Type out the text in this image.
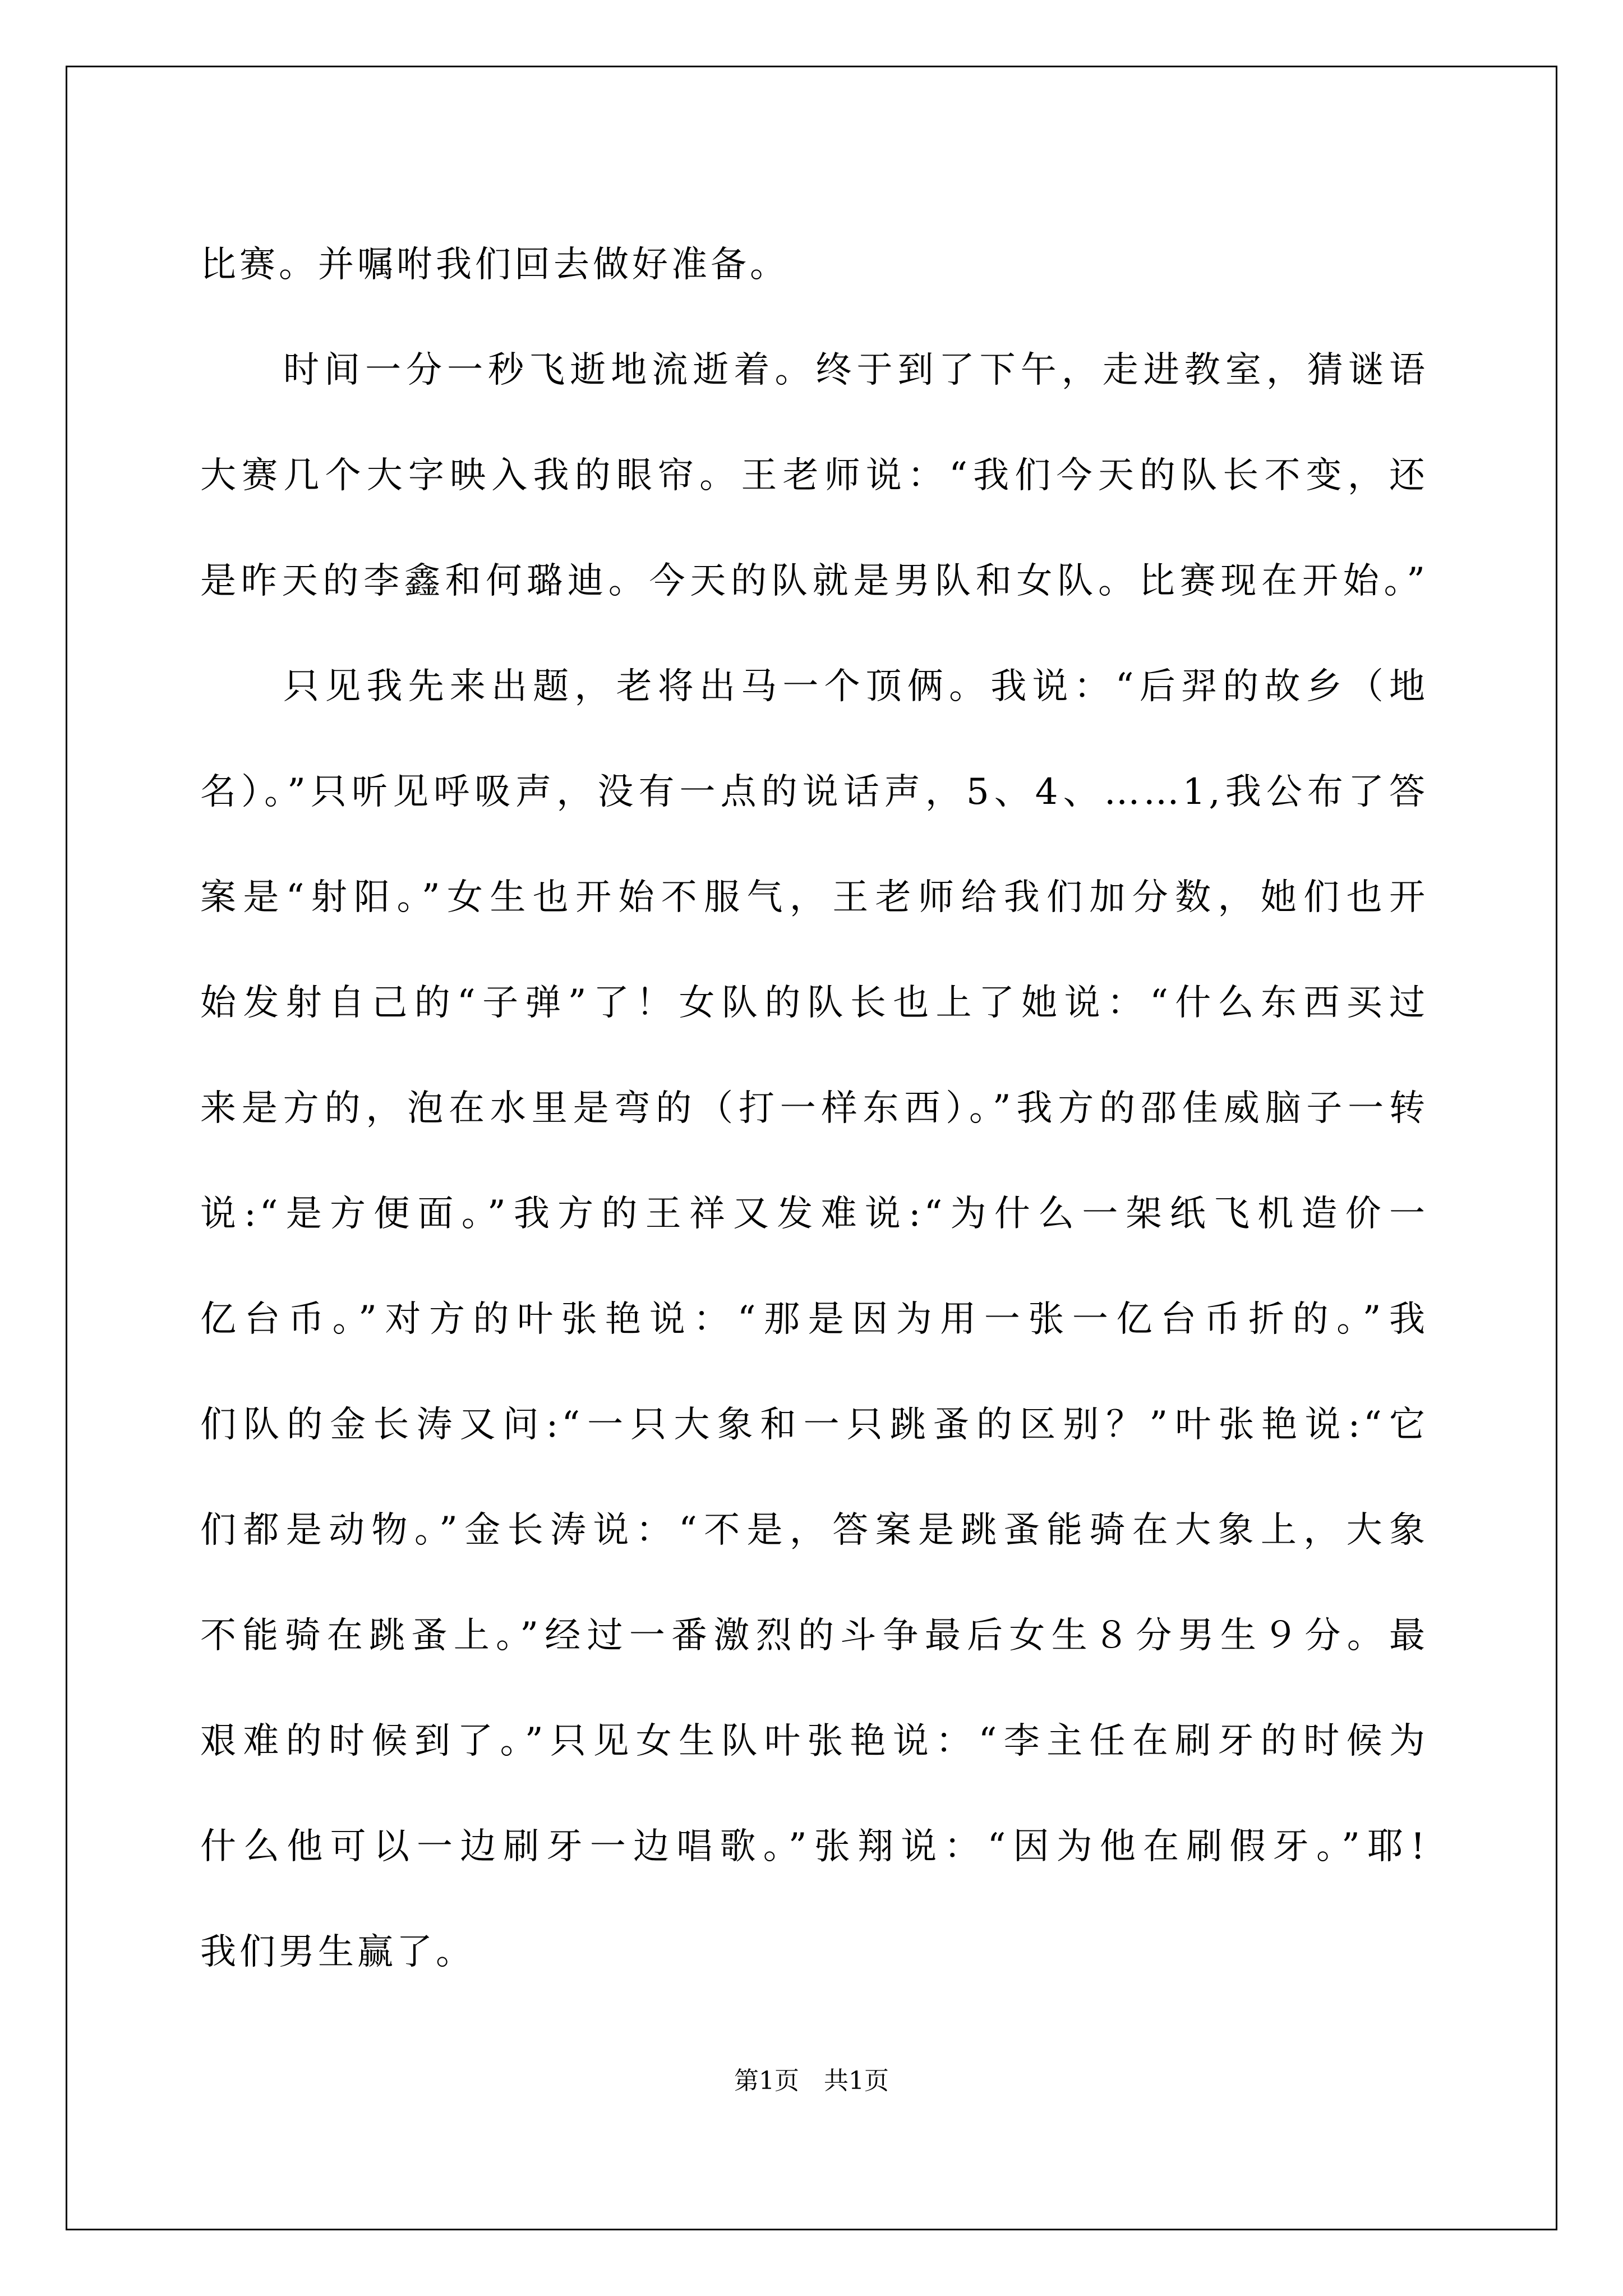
比赛。并嘱咐我们回去做好准备。
时间一分一秒飞逝地流逝着。终于到了下午，走进教室，猜谜语
大赛几个大字映入我的眼帘。王老师说：“我们今天的队长不变，还
是昨天的李鑫和何璐迪。今天的队就是男队和女队。比赛现在开始。”
只见我先来出题，老将出马一个顶俩。我说：“后羿的故乡（地
名）。”只听见呼吸声，没有一点的说话声，5、4、……1,我公布了答
案是“射阳。”女生也开始不服气，王老师给我们加分数，她们也开
始发射自己的“子弹”了！女队的队长也上了她说：“什么东西买过
来是方的，泡在水里是弯的（打一样东西）。”我方的邵佳威脑子一转
说:“是方便面。”我方的王祥又发难说:“为什么一架纸飞机造价一
亿台币。”对方的叶张艳说：“那是因为用一张一亿台币折的。”我
们队的金长涛又问:“一只大象和一只跳蚤的区别？”叶张艳说:“它
们都是动物。”金长涛说：“不是，答案是跳蚤能骑在大象上，大象
不能骑在跳蚤上。”经过一番激烈的斗争最后女生８分男生９分。最
艰难的时候到了。”只见女生队叶张艳说：“李主任在刷牙的时候为
什么他可以一边刷牙一边唱歌。”张翔说：“因为他在刷假牙。”耶!
我们男生赢了。
第1页 共1页
